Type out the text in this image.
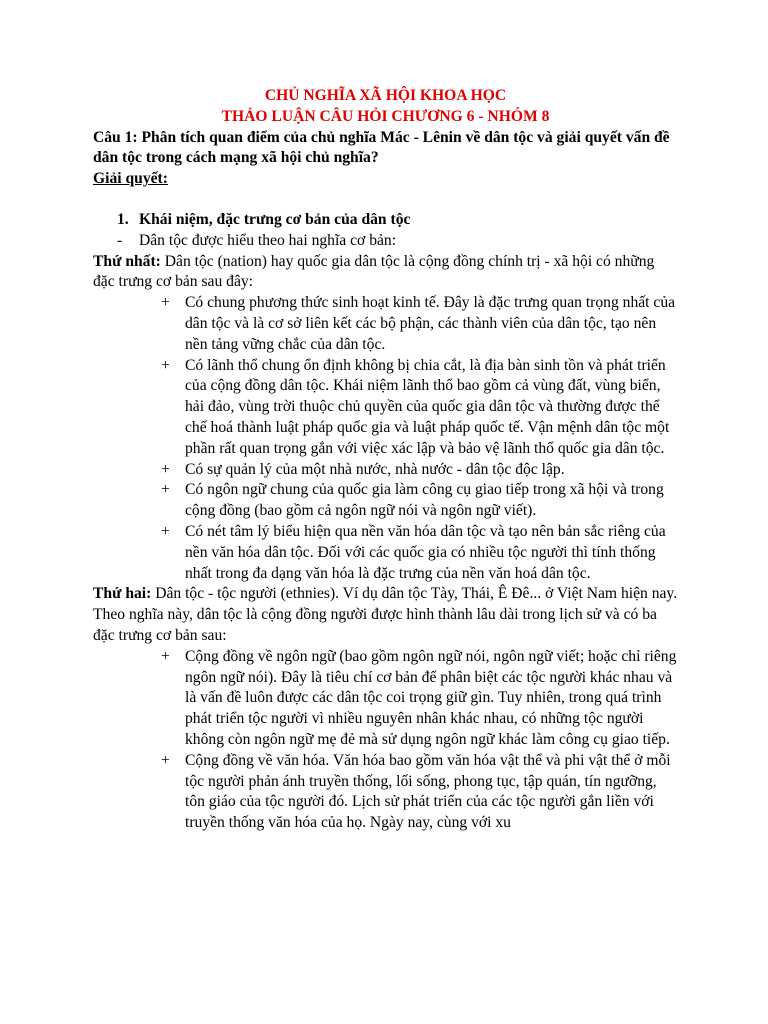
CHỦ NGHĨA XÃ HỘI KHOA HỌC
THẢO LUẬN CÂU HỎI CHƯƠNG 6 - NHÓM 8
Câu 1: Phân tích quan điểm của chủ nghĩa Mác - Lênin về dân tộc và giải quyết vấn đề dân tộc trong cách mạng xã hội chủ nghĩa?
Giải quyết:
1. Khái niệm, đặc trưng cơ bản của dân tộc
-	Dân tộc được hiểu theo hai nghĩa cơ bản:
Thứ nhất: Dân tộc (nation) hay quốc gia dân tộc là cộng đồng chính trị - xã hội có những đặc trưng cơ bản sau đây:
+ Có chung phương thức sinh hoạt kinh tế. Đây là đặc trưng quan trọng nhất của dân tộc và là cơ sở liên kết các bộ phận, các thành viên của dân tộc, tạo nên nền tảng vững chắc của dân tộc.
+ Có lãnh thổ chung ổn định không bị chia cắt, là địa bàn sinh tồn và phát triển của cộng đồng dân tộc. Khái niệm lãnh thổ bao gồm cả vùng đất, vùng biển, hải đảo, vùng trời thuộc chủ quyền của quốc gia dân tộc và thường được thể chế hoá thành luật pháp quốc gia và luật pháp quốc tế. Vận mệnh dân tộc một phần rất quan trọng gắn với việc xác lập và bảo vệ lãnh thổ quốc gia dân tộc.
+ Có sự quản lý của một nhà nước, nhà nước - dân tộc độc lập.
+ Có ngôn ngữ chung của quốc gia làm công cụ giao tiếp trong xã hội và trong cộng đồng (bao gồm cả ngôn ngữ nói và ngôn ngữ viết).
+ Có nét tâm lý biểu hiện qua nền văn hóa dân tộc và tạo nên bản sắc riêng của nền văn hóa dân tộc. Đối với các quốc gia có nhiều tộc người thì tính thống nhất trong đa dạng văn hóa là đặc trưng của nền văn hoá dân tộc.
Thứ hai: Dân tộc - tộc người (ethnies). Ví dụ dân tộc Tày, Thái, Ê Đê... ở Việt Nam hiện nay. Theo nghĩa này, dân tộc là cộng đồng người được hình thành lâu dài trong lịch sử và có ba đặc trưng cơ bản sau:
+ Cộng đồng về ngôn ngữ (bao gồm ngôn ngữ nói, ngôn ngữ viết; hoặc chỉ riêng ngôn ngữ nói). Đây là tiêu chí cơ bản để phân biệt các tộc người khác nhau và là vấn đề luôn được các dân tộc coi trọng giữ gìn. Tuy nhiên, trong quá trình phát triển tộc người vì nhiều nguyên nhân khác nhau, có những tộc người không còn ngôn ngữ mẹ đẻ mà sử dụng ngôn ngữ khác làm công cụ giao tiếp.
+ Cộng đồng về văn hóa. Văn hóa bao gồm văn hóa vật thể và phi vật thể ở mỗi tộc người phản ánh truyền thống, lối sống, phong tục, tập quán, tín ngưỡng, tôn giáo của tộc người đó. Lịch sử phát triển của các tộc người gắn liền với truyền thống văn hóa của họ. Ngày nay, cùng với xu
